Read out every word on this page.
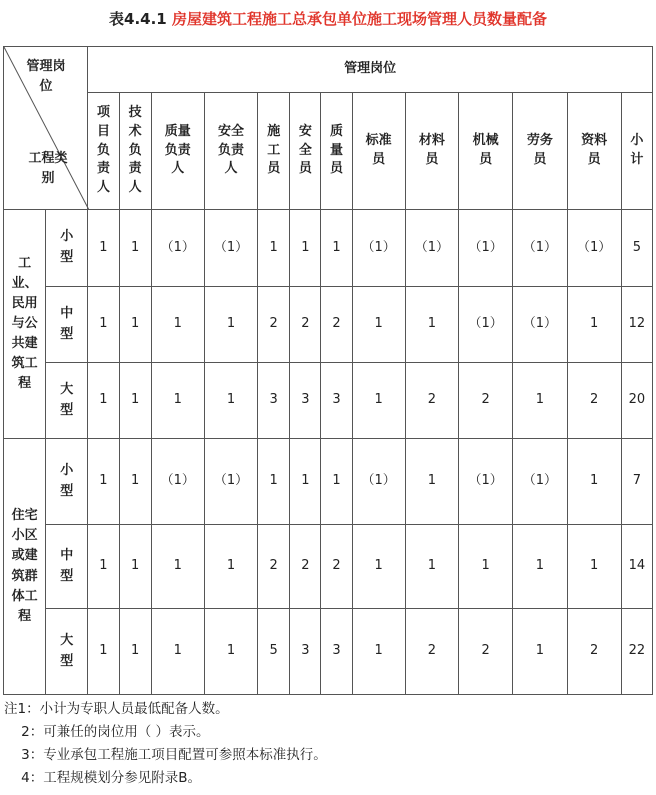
表4.4.1 房屋建筑工程施工总承包单位施工现场管理人员数量配备
管理岗位
工程类别		管理岗位												
		项目负责人	技术负责人	质量负责人	安全负责人	施工员	安全员	质量员	标准员	材料员	机械员	劳务员	资料员	小计
工业、民用与公共建筑工程	小型	1	1	（1）	（1）	1	1	1	（1）	（1）	（1）	（1）	（1）	5
	中型	1	1	1	1	2	2	2	1	1	（1）	（1）	1	12
	大型	1	1	1	1	3	3	3	1	2	2	1	2	20
住宅小区或建筑群体工程	小型	1	1	（1）	（1）	1	1	1	（1）	1	（1）	（1）	1	7
	中型	1	1	1	1	2	2	2	1	1	1	1	1	14
	大型	1	1	1	1	5	3	3	1	2	2	1	2	22
注1：小计为专职人员最低配备人数。
2：可兼任的岗位用（ ）表示。
3：专业承包工程施工项目配置可参照本标准执行。
4：工程规模划分参见附录B。
